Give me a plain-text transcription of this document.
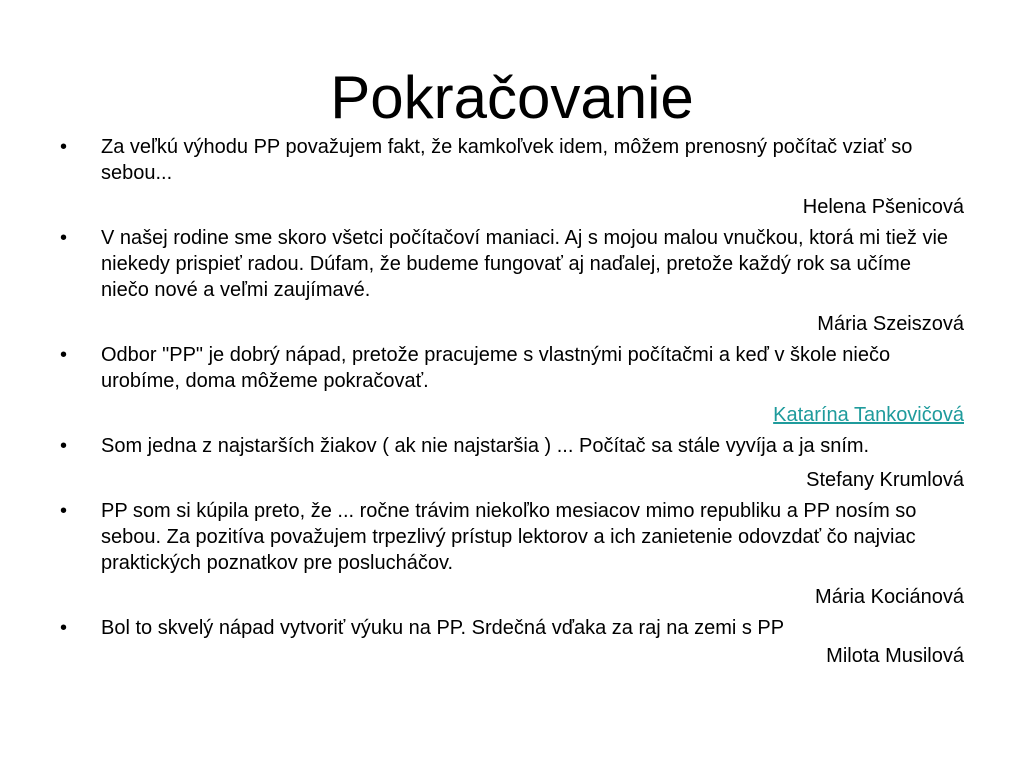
Pokračovanie
• Za veľkú výhodu PP považujem fakt, že kamkoľvek idem, môžem prenosný počítač vziať so sebou...
Helena Pšenicová
• V našej rodine sme skoro všetci počítačoví maniaci. Aj s mojou malou vnučkou, ktorá mi tiež vie niekedy prispieť radou. Dúfam, že budeme fungovať aj naďalej, pretože každý rok sa učíme niečo nové a veľmi zaujímavé.
Mária Szeiszová
• Odbor "PP" je dobrý nápad, pretože pracujeme s vlastnými počítačmi a keď v škole niečo urobíme, doma môžeme pokračovať.
Katarína Tankovičová
• Som jedna z najstarších žiakov ( ak nie najstaršia ) ... Počítač sa stále vyvíja a ja sním.
Stefany Krumlová
• PP som si kúpila preto, že ... ročne trávim niekoľko mesiacov mimo republiku a PP nosím so sebou. Za pozitíva považujem trpezlivý prístup lektorov a ich zanietenie odovzdať čo najviac praktických poznatkov pre poslucháčov.
Mária Kociánová
• Bol to skvelý nápad vytvoriť výuku na PP. Srdečná vďaka za raj na zemi s PP
Milota Musilová
